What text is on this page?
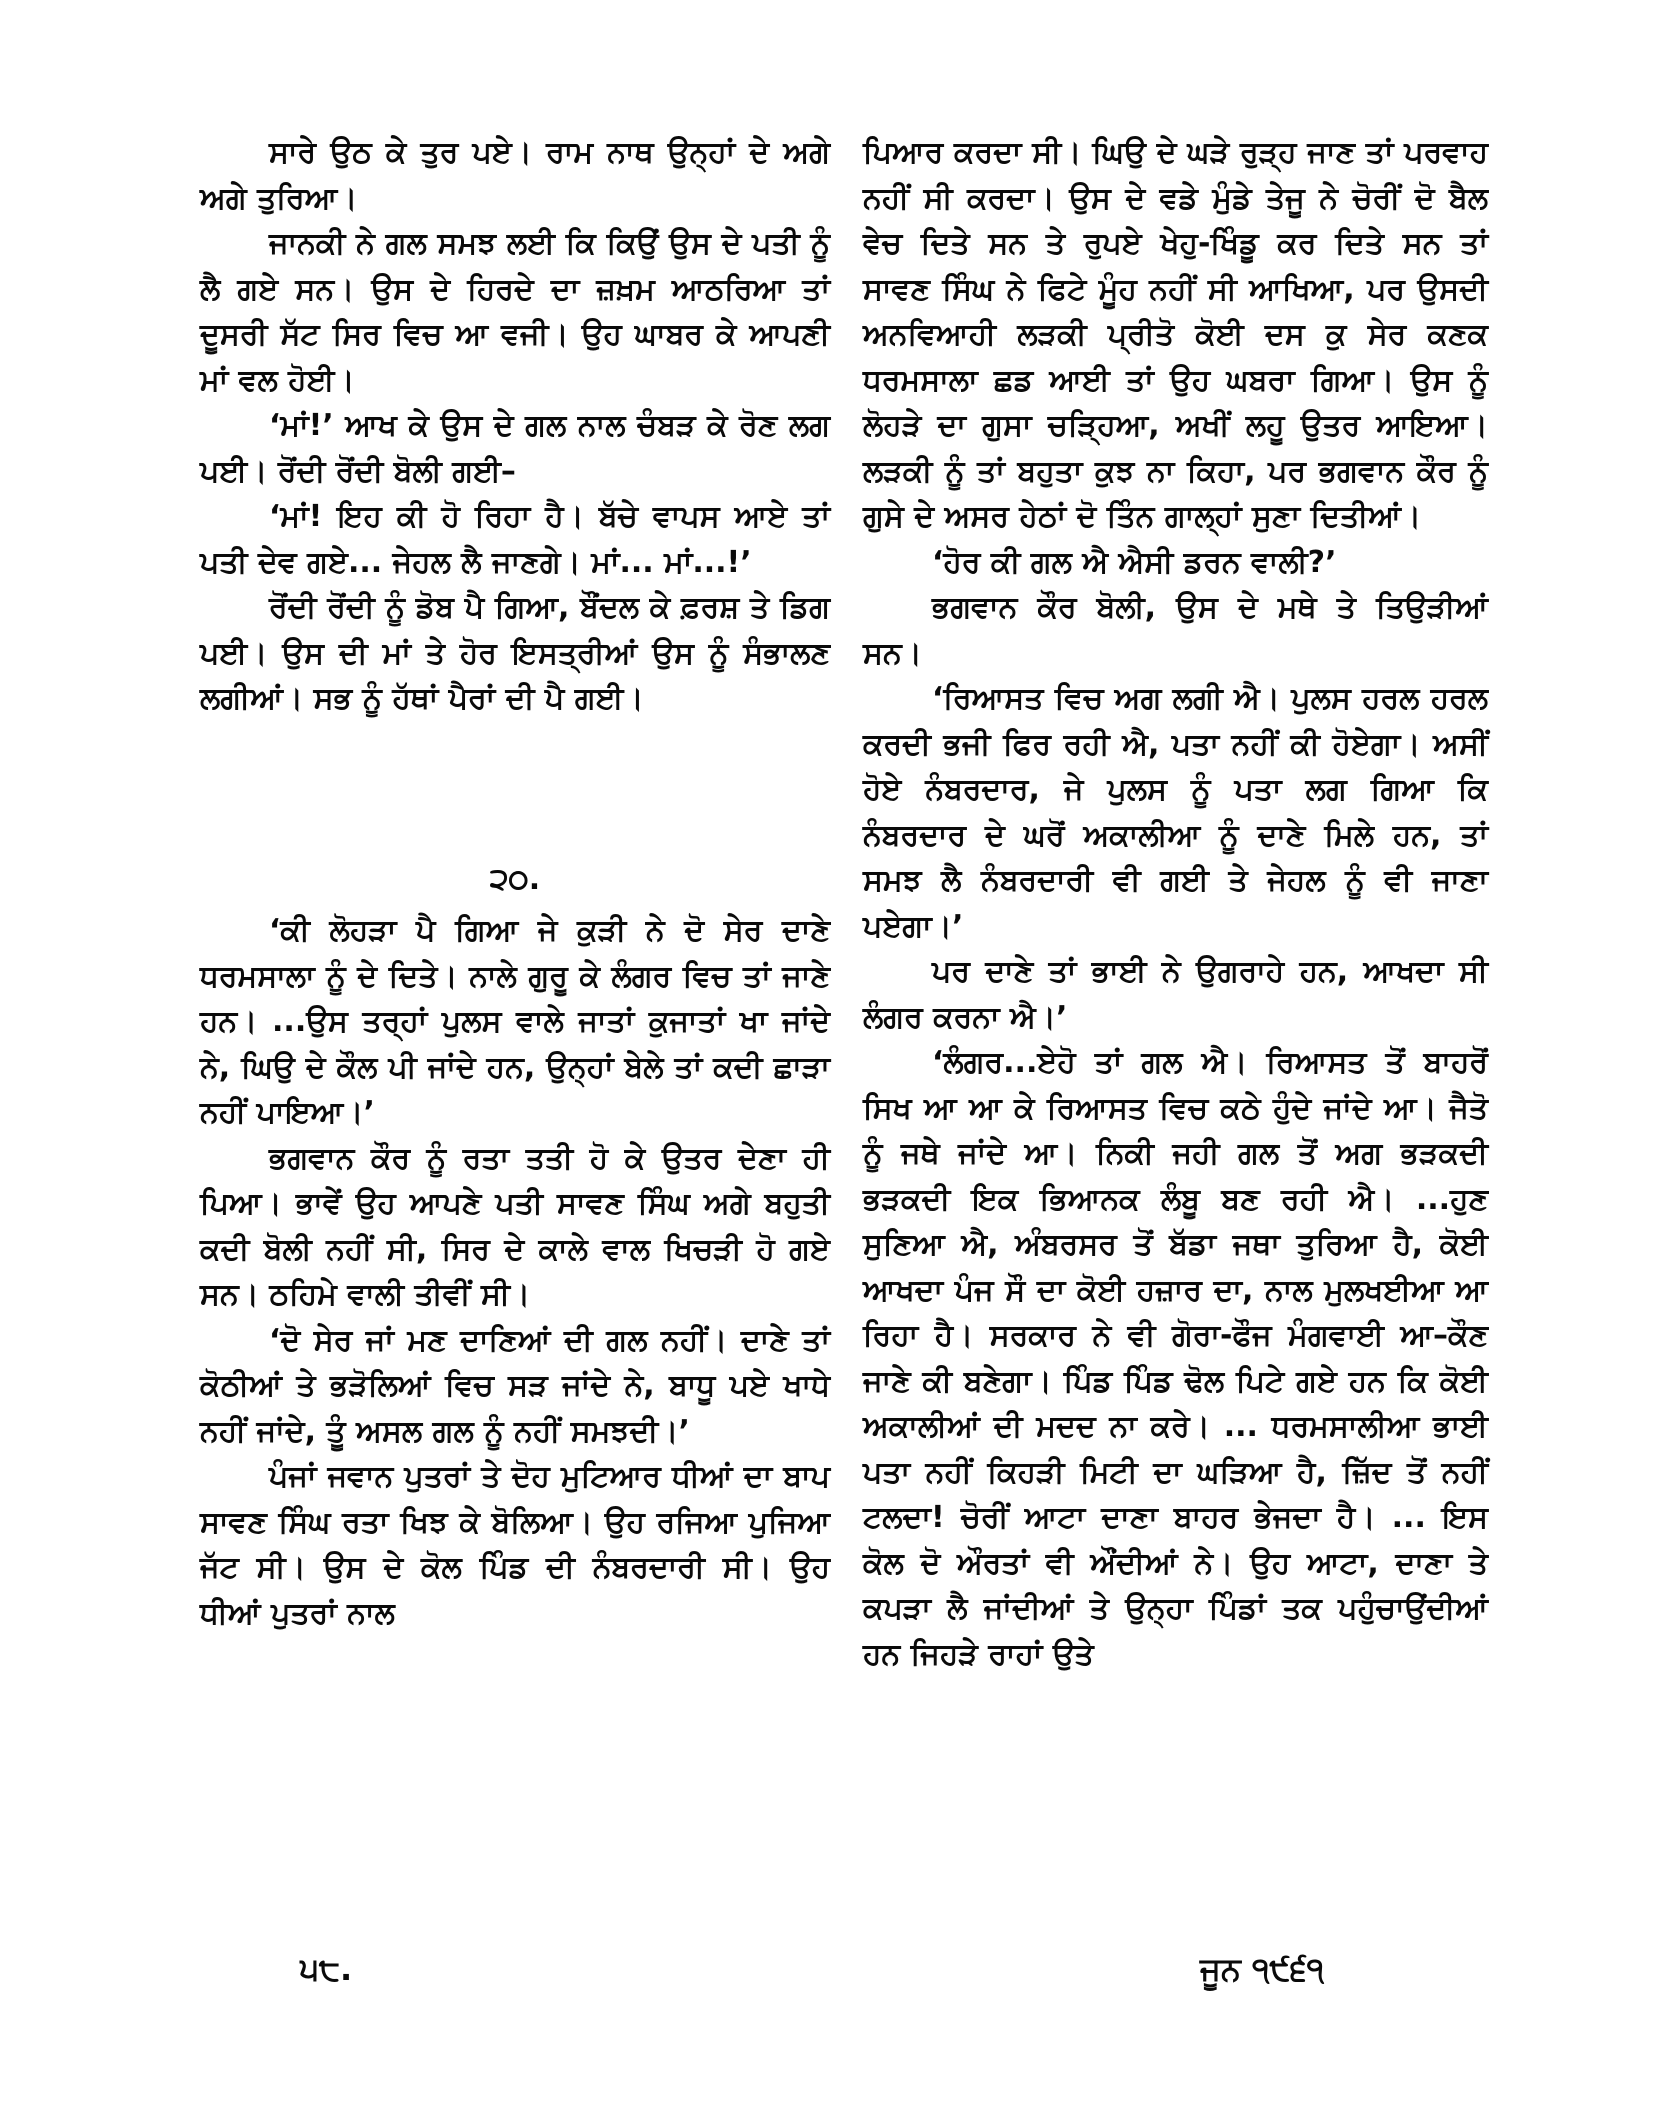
ਸਾਰੇ ਉਠ ਕੇ ਤੁਰ ਪਏ। ਰਾਮ ਨਾਥ ਉਨ੍ਹਾਂ ਦੇ ਅਗੇ ਅਗੇ ਤੁਰਿਆ।

ਜਾਨਕੀ ਨੇ ਗਲ ਸਮਝ ਲਈ ਕਿ ਕਿਉਂ ਉਸ ਦੇ ਪਤੀ ਨੂੰ ਲੈ ਗਏ ਸਨ। ਉਸ ਦੇ ਹਿਰਦੇ ਦਾ ਜ਼ਖ਼ਮ ਆਠਰਿਆ ਤਾਂ ਦੂਸਰੀ ਸੱਟ ਸਿਰ ਵਿਚ ਆ ਵਜੀ। ਉਹ ਘਾਬਰ ਕੇ ਆਪਣੀ ਮਾਂ ਵਲ ਹੋਈ।

‘ਮਾਂ!’ ਆਖ ਕੇ ਉਸ ਦੇ ਗਲ ਨਾਲ ਚੰਬੜ ਕੇ ਰੋਣ ਲਗ ਪਈ। ਰੋਂਦੀ ਰੋਂਦੀ ਬੋਲੀ ਗਈ–

‘ਮਾਂ! ਇਹ ਕੀ ਹੋ ਰਿਹਾ ਹੈ। ਬੱਚੇ ਵਾਪਸ ਆਏ ਤਾਂ ਪਤੀ ਦੇਵ ਗਏ... ਜੇਹਲ ਲੈ ਜਾਣਗੇ। ਮਾਂ... ਮਾਂ...!’

ਰੋਂਦੀ ਰੋਂਦੀ ਨੂੰ ਡੋਬ ਪੈ ਗਿਆ, ਬੌਂਦਲ ਕੇ ਫ਼ਰਸ਼ ਤੇ ਡਿਗ ਪਈ। ਉਸ ਦੀ ਮਾਂ ਤੇ ਹੋਰ ਇਸਤ੍ਰੀਆਂ ਉਸ ਨੂੰ ਸੰਭਾਲਣ ਲਗੀਆਂ। ਸਭ ਨੂੰ ਹੱਥਾਂ ਪੈਰਾਂ ਦੀ ਪੈ ਗਈ।

੨੦.

‘ਕੀ ਲੋਹੜਾ ਪੈ ਗਿਆ ਜੇ ਕੁੜੀ ਨੇ ਦੋ ਸੇਰ ਦਾਣੇ ਧਰਮਸਾਲਾ ਨੂੰ ਦੇ ਦਿਤੇ। ਨਾਲੇ ਗੁਰੂ ਕੇ ਲੰਗਰ ਵਿਚ ਤਾਂ ਜਾਣੇ ਹਨ। ...ਉਸ ਤਰ੍ਹਾਂ ਪੁਲਸ ਵਾਲੇ ਜਾਤਾਂ ਕੁਜਾਤਾਂ ਖਾ ਜਾਂਦੇ ਨੇ, ਘਿਉ ਦੇ ਕੌਲ ਪੀ ਜਾਂਦੇ ਹਨ, ਉਨ੍ਹਾਂ ਬੇਲੇ ਤਾਂ ਕਦੀ ਛਾੜਾ ਨਹੀਂ ਪਾਇਆ।’

ਭਗਵਾਨ ਕੌਰ ਨੂੰ ਰਤਾ ਤਤੀ ਹੋ ਕੇ ਉਤਰ ਦੇਣਾ ਹੀ ਪਿਆ। ਭਾਵੇਂ ਉਹ ਆਪਣੇ ਪਤੀ ਸਾਵਣ ਸਿੰਘ ਅਗੇ ਬਹੁਤੀ ਕਦੀ ਬੋਲੀ ਨਹੀਂ ਸੀ, ਸਿਰ ਦੇ ਕਾਲੇ ਵਾਲ ਖਿਚੜੀ ਹੋ ਗਏ ਸਨ। ਠਹਿਮੇ ਵਾਲੀ ਤੀਵੀਂ ਸੀ।

‘ਦੋ ਸੇਰ ਜਾਂ ਮਣ ਦਾਣਿਆਂ ਦੀ ਗਲ ਨਹੀਂ। ਦਾਣੇ ਤਾਂ ਕੋਠੀਆਂ ਤੇ ਭੜੋਲਿਆਂ ਵਿਚ ਸੜ ਜਾਂਦੇ ਨੇ, ਬਾਧੂ ਪਏ ਖਾਧੇ ਨਹੀਂ ਜਾਂਦੇ, ਤੂੰ ਅਸਲ ਗਲ ਨੂੰ ਨਹੀਂ ਸਮਝਦੀ।’

ਪੰਜਾਂ ਜਵਾਨ ਪੁਤਰਾਂ ਤੇ ਦੋਹ ਮੁਟਿਆਰ ਧੀਆਂ ਦਾ ਬਾਪ ਸਾਵਣ ਸਿੰਘ ਰਤਾ ਖਿਝ ਕੇ ਬੋਲਿਆ। ਉਹ ਰਜਿਆ ਪੁਜਿਆ ਜੱਟ ਸੀ। ਉਸ ਦੇ ਕੋਲ ਪਿੰਡ ਦੀ ਨੰਬਰਦਾਰੀ ਸੀ। ਉਹ ਧੀਆਂ ਪੁਤਰਾਂ ਨਾਲ

ਪਿਆਰ ਕਰਦਾ ਸੀ। ਘਿਉ ਦੇ ਘੜੇ ਰੁੜ੍ਹ ਜਾਣ ਤਾਂ ਪਰਵਾਹ ਨਹੀਂ ਸੀ ਕਰਦਾ। ਉਸ ਦੇ ਵਡੇ ਮੁੰਡੇ ਤੇਜੂ ਨੇ ਚੋਰੀਂ ਦੋ ਬੈਲ ਵੇਚ ਦਿਤੇ ਸਨ ਤੇ ਰੁਪਏ ਖੇਹੁ-ਖਿੰਡੂ ਕਰ ਦਿਤੇ ਸਨ ਤਾਂ ਸਾਵਣ ਸਿੰਘ ਨੇ ਫਿਟੇ ਮੂੰਹ ਨਹੀਂ ਸੀ ਆਖਿਆ, ਪਰ ਉਸਦੀ ਅਨਵਿਆਹੀ ਲੜਕੀ ਪ੍ਰੀਤੋ ਕੋਈ ਦਸ ਕੁ ਸੇਰ ਕਣਕ ਧਰਮਸਾਲਾ ਛਡ ਆਈ ਤਾਂ ਉਹ ਘਬਰਾ ਗਿਆ। ਉਸ ਨੂੰ ਲੋਹੜੇ ਦਾ ਗੁਸਾ ਚੜ੍ਹਿਆ, ਅਖੀਂ ਲਹੂ ਉਤਰ ਆਇਆ। ਲੜਕੀ ਨੂੰ ਤਾਂ ਬਹੁਤਾ ਕੁਝ ਨਾ ਕਿਹਾ, ਪਰ ਭਗਵਾਨ ਕੌਰ ਨੂੰ ਗੁਸੇ ਦੇ ਅਸਰ ਹੇਠਾਂ ਦੋ ਤਿੰਨ ਗਾਲ੍ਹਾਂ ਸੁਣਾ ਦਿਤੀਆਂ।

‘ਹੋਰ ਕੀ ਗਲ ਐ ਐਸੀ ਡਰਨ ਵਾਲੀ?’

ਭਗਵਾਨ ਕੌਰ ਬੋਲੀ, ਉਸ ਦੇ ਮਥੇ ਤੇ ਤਿਉੜੀਆਂ ਸਨ।

‘ਰਿਆਸਤ ਵਿਚ ਅਗ ਲਗੀ ਐ। ਪੁਲਸ ਹਰਲ ਹਰਲ ਕਰਦੀ ਭਜੀ ਫਿਰ ਰਹੀ ਐ, ਪਤਾ ਨਹੀਂ ਕੀ ਹੋਏਗਾ। ਅਸੀਂ ਹੋਏ ਨੰਬਰਦਾਰ, ਜੇ ਪੁਲਸ ਨੂੰ ਪਤਾ ਲਗ ਗਿਆ ਕਿ ਨੰਬਰਦਾਰ ਦੇ ਘਰੋਂ ਅਕਾਲੀਆ ਨੂੰ ਦਾਣੇ ਮਿਲੇ ਹਨ, ਤਾਂ ਸਮਝ ਲੈ ਨੰਬਰਦਾਰੀ ਵੀ ਗਈ ਤੇ ਜੇਹਲ ਨੂੰ ਵੀ ਜਾਣਾ ਪਏਗਾ।’

ਪਰ ਦਾਣੇ ਤਾਂ ਭਾਈ ਨੇ ਉਗਰਾਹੇ ਹਨ, ਆਖਦਾ ਸੀ ਲੰਗਰ ਕਰਨਾ ਐ।’

‘ਲੰਗਰ...ਏਹੋ ਤਾਂ ਗਲ ਐ। ਰਿਆਸਤ ਤੋਂ ਬਾਹਰੋਂ ਸਿਖ ਆ ਆ ਕੇ ਰਿਆਸਤ ਵਿਚ ਕਠੇ ਹੁੰਦੇ ਜਾਂਦੇ ਆ। ਜੈਤੋ ਨੂੰ ਜਥੇ ਜਾਂਦੇ ਆ। ਨਿਕੀ ਜਹੀ ਗਲ ਤੋਂ ਅਗ ਭੜਕਦੀ ਭੜਕਦੀ ਇਕ ਭਿਆਨਕ ਲੰਬੂ ਬਣ ਰਹੀ ਐ। ...ਹੁਣ ਸੁਣਿਆ ਐ, ਅੰਬਰਸਰ ਤੋਂ ਬੱਡਾ ਜਥਾ ਤੁਰਿਆ ਹੈ, ਕੋਈ ਆਖਦਾ ਪੰਜ ਸੌ ਦਾ ਕੋਈ ਹਜ਼ਾਰ ਦਾ, ਨਾਲ ਮੁਲਖਈਆ ਆ ਰਿਹਾ ਹੈ। ਸਰਕਾਰ ਨੇ ਵੀ ਗੋਰਾ-ਫੌਜ ਮੰਗਵਾਈ ਆ–ਕੌਣ ਜਾਣੇ ਕੀ ਬਣੇਗਾ। ਪਿੰਡ ਪਿੰਡ ਢੋਲ ਪਿਟੇ ਗਏ ਹਨ ਕਿ ਕੋਈ ਅਕਾਲੀਆਂ ਦੀ ਮਦਦ ਨਾ ਕਰੇ। ... ਧਰਮਸਾਲੀਆ ਭਾਈ ਪਤਾ ਨਹੀਂ ਕਿਹੜੀ ਮਿਟੀ ਦਾ ਘੜਿਆ ਹੈ, ਜ਼ਿੱਦ ਤੋਂ ਨਹੀਂ ਟਲਦਾ! ਚੋਰੀਂ ਆਟਾ ਦਾਣਾ ਬਾਹਰ ਭੇਜਦਾ ਹੈ। ... ਇਸ ਕੋਲ ਦੋ ਔਰਤਾਂ ਵੀ ਔਂਦੀਆਂ ਨੇ। ਉਹ ਆਟਾ, ਦਾਣਾ ਤੇ ਕਪੜਾ ਲੈ ਜਾਂਦੀਆਂ ਤੇ ਉਨ੍ਹਾ ਪਿੰਡਾਂ ਤਕ ਪਹੁੰਚਾਉਂਦੀਆਂ ਹਨ ਜਿਹੜੇ ਰਾਹਾਂ ਉਤੇ

੫੮.	ਜੂਨ ੧੯੬੧
